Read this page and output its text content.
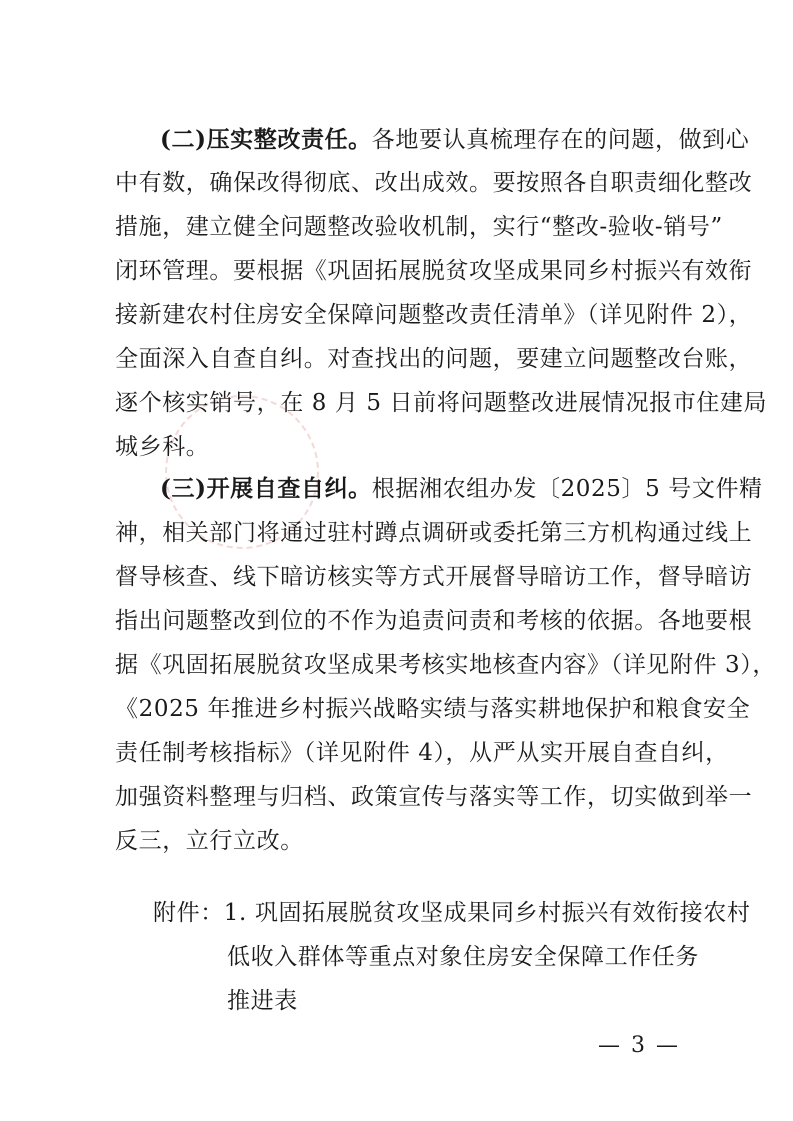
(二)压实整改责任。各地要认真梳理存在的问题，做到心
中有数，确保改得彻底、改出成效。要按照各自职责细化整改
措施，建立健全问题整改验收机制，实行“整改-验收-销号”
闭环管理。要根据《巩固拓展脱贫攻坚成果同乡村振兴有效衔
接新建农村住房安全保障问题整改责任清单》（详见附件 2），
全面深入自查自纠。对查找出的问题，要建立问题整改台账，
逐个核实销号，在 8 月 5 日前将问题整改进展情况报市住建局
城乡科。
(三)开展自查自纠。根据湘农组办发〔2025〕5 号文件精
神，相关部门将通过驻村蹲点调研或委托第三方机构通过线上
督导核查、线下暗访核实等方式开展督导暗访工作，督导暗访
指出问题整改到位的不作为追责问责和考核的依据。各地要根
据《巩固拓展脱贫攻坚成果考核实地核查内容》（详见附件 3），
《2025 年推进乡村振兴战略实绩与落实耕地保护和粮食安全
责任制考核指标》（详见附件 4），从严从实开展自查自纠，
加强资料整理与归档、政策宣传与落实等工作，切实做到举一
反三，立行立改。
附件：1. 巩固拓展脱贫攻坚成果同乡村振兴有效衔接农村
低收入群体等重点对象住房安全保障工作任务
推进表
— 3 —
